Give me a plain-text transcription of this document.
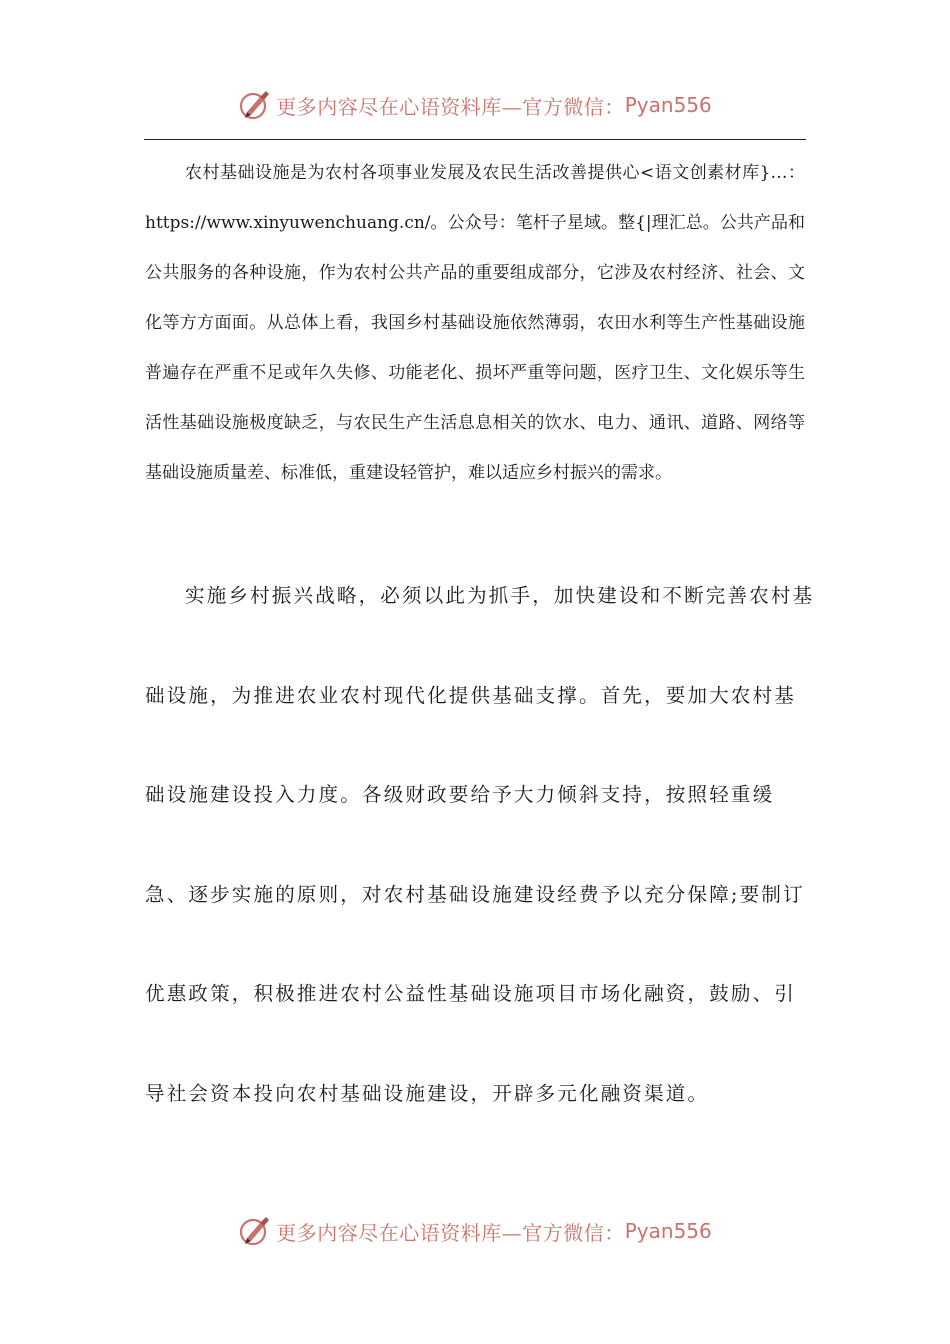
更多内容尽在心语资料库—官方微信： Pyan556

农村基础设施是为农村各项事业发展及农民生活改善提供心<语文创素材库}…：https://www.xinyuwenchuang.cn/。公众号：笔杆子星域。整{|理汇总。公共产品和公共服务的各种设施，作为农村公共产品的重要组成部分，它涉及农村经济、社会、文化等方方面面。从总体上看，我国乡村基础设施依然薄弱，农田水利等生产性基础设施普遍存在严重不足或年久失修、功能老化、损坏严重等问题，医疗卫生、文化娱乐等生活性基础设施极度缺乏，与农民生产生活息息相关的饮水、电力、通讯、道路、网络等基础设施质量差、标准低，重建设轻管护，难以适应乡村振兴的需求。

实施乡村振兴战略，必须以此为抓手，加快建设和不断完善农村基础设施，为推进农业农村现代化提供基础支撑。首先，要加大农村基础设施建设投入力度。各级财政要给予大力倾斜支持，按照轻重缓急、逐步实施的原则，对农村基础设施建设经费予以充分保障;要制订优惠政策，积极推进农村公益性基础设施项目市场化融资，鼓励、引导社会资本投向农村基础设施建设，开辟多元化融资渠道。

更多内容尽在心语资料库—官方微信： Pyan556
